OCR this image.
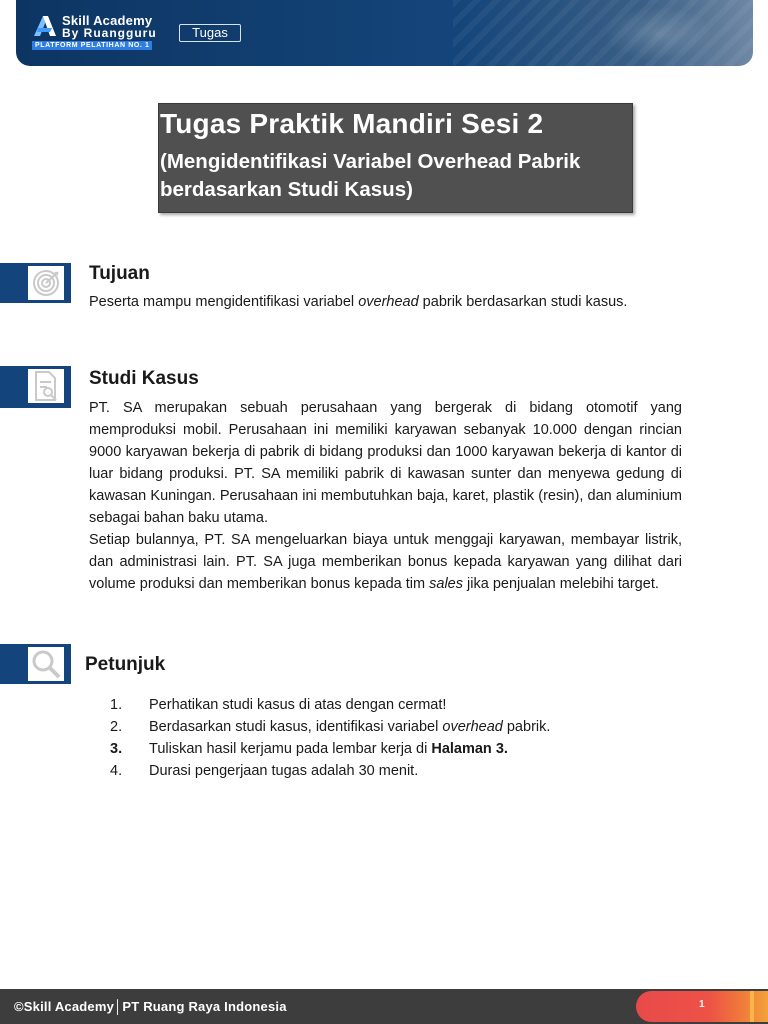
Skill Academy
By Ruangguru
PLATFORM PELATIHAN NO. 1
Tugas
Tugas Praktik Mandiri Sesi 2
(Mengidentifikasi Variabel Overhead Pabrik berdasarkan Studi Kasus)
Tujuan

Peserta mampu mengidentifikasi variabel overhead pabrik berdasarkan studi kasus.

Studi Kasus

PT. SA merupakan sebuah perusahaan yang bergerak di bidang otomotif yang memproduksi mobil. Perusahaan ini memiliki karyawan sebanyak 10.000 dengan rincian 9000 karyawan bekerja di pabrik di bidang produksi dan 1000 karyawan bekerja di kantor di luar bidang produksi. PT. SA memiliki pabrik di kawasan sunter dan menyewa gedung di kawasan Kuningan. Perusahaan ini membutuhkan baja, karet, plastik (resin), dan aluminium sebagai bahan baku utama.

Setiap bulannya, PT. SA mengeluarkan biaya untuk menggaji karyawan, membayar listrik, dan administrasi lain. PT. SA juga memberikan bonus kepada karyawan yang dilihat dari volume produksi dan memberikan bonus kepada tim sales jika penjualan melebihi target.

Petunjuk
1.	Perhatikan studi kasus di atas dengan cermat!
2.	Berdasarkan studi kasus, identifikasi variabel overhead pabrik.
3.	Tuliskan hasil kerjamu pada lembar kerja di Halaman 3.
4.	Durasi pengerjaan tugas adalah 30 menit.
©Skill Academy│PT Ruang Raya Indonesia	1
